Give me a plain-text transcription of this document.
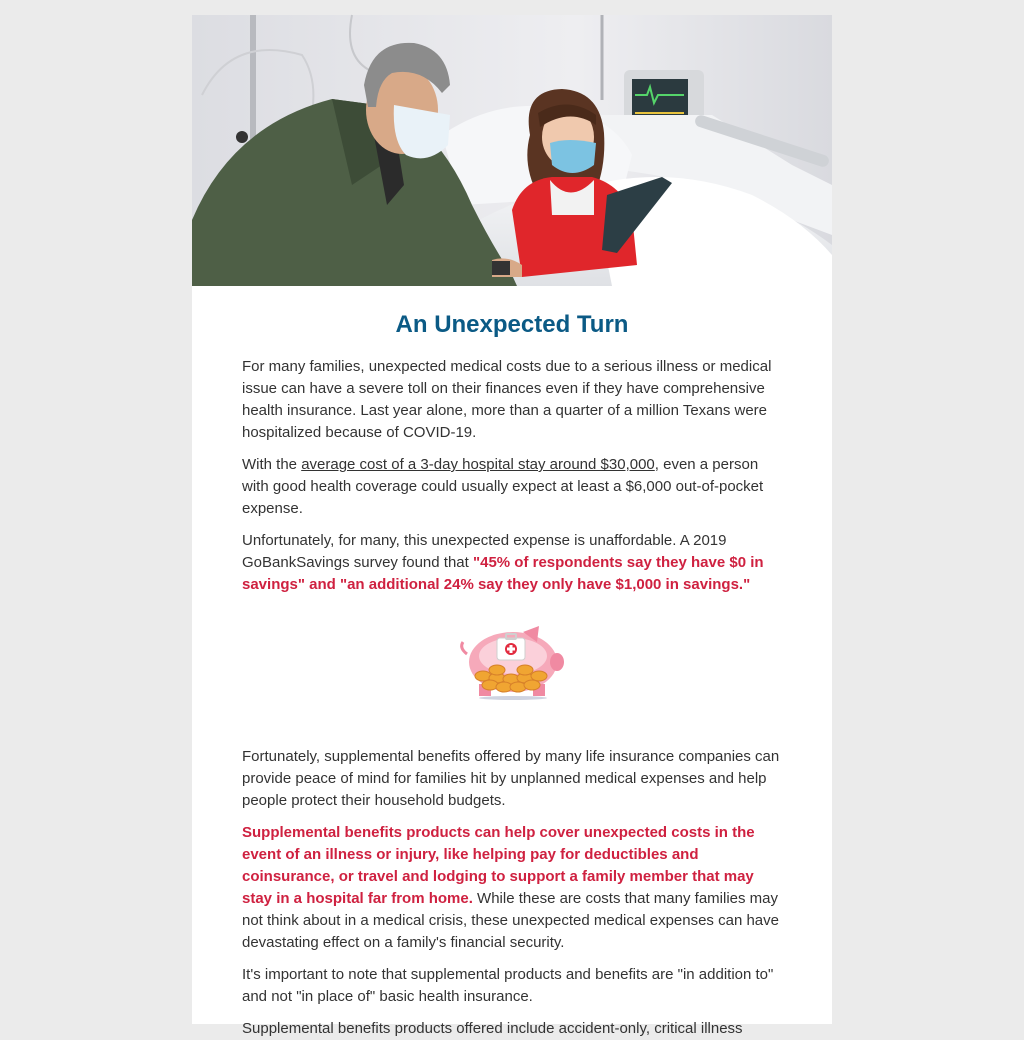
An Unexpected Turn

For many families, unexpected medical costs due to a serious illness or medical issue can have a severe toll on their finances even if they have comprehensive health insurance. Last year alone, more than a quarter of a million Texans were hospitalized because of COVID-19.

With the average cost of a 3-day hospital stay around $30,000, even a person with good health coverage could usually expect at least a $6,000 out-of-pocket expense.

Unfortunately, for many, this unexpected expense is unaffordable. A 2019 GoBankSavings survey found that "45% of respondents say they have $0 in savings" and "an additional 24% say they only have $1,000 in savings."

Fortunately, supplemental benefits offered by many life insurance companies can provide peace of mind for families hit by unplanned medical expenses and help people protect their household budgets.

Supplemental benefits products can help cover unexpected costs in the event of an illness or injury, like helping pay for deductibles and coinsurance, or travel and lodging to support a family member that may stay in a hospital far from home. While these are costs that many families may not think about in a medical crisis, these unexpected medical expenses can have devastating effect on a family's financial security.

It's important to note that supplemental products and benefits are "in addition to" and not "in place of" basic health insurance.

Supplemental benefits products offered include accident-only, critical illness
